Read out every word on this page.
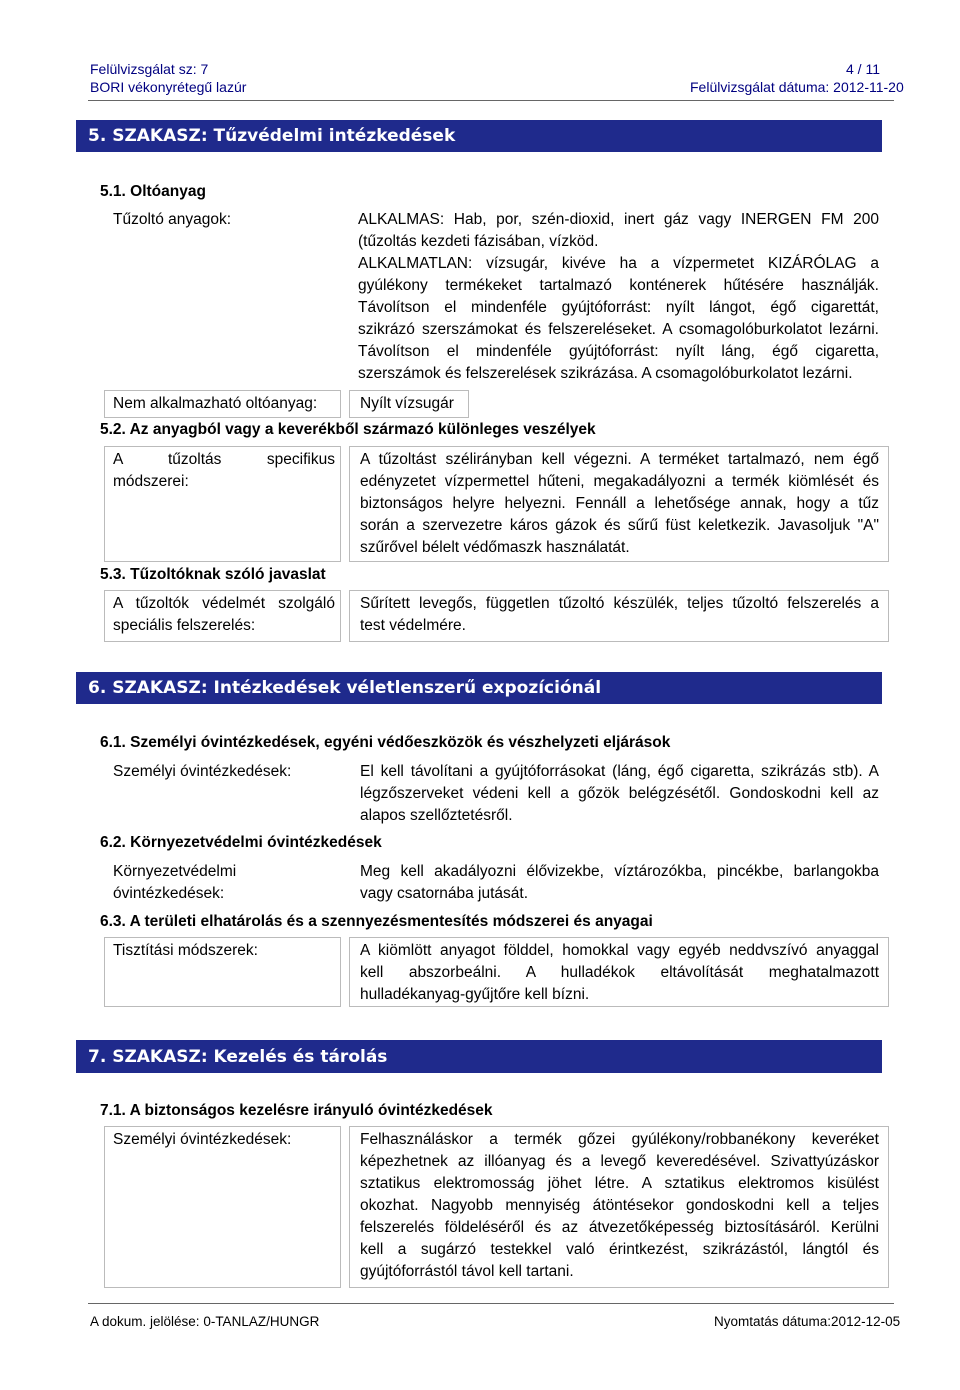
Felülvizsgálat sz: 7	4 / 11
BORI vékonyrétegű lazúr	Felülvizsgálat dátuma: 2012-11-20
5. SZAKASZ: Tűzvédelmi intézkedések
5.1. Oltóanyag
Tűzoltó anyagok:	ALKALMAS: Hab, por, szén-dioxid, inert gáz vagy INERGEN FM 200
(tűzoltás kezdeti fázisában, vízköd.
ALKALMATLAN: vízsugár, kivéve ha a vízpermetet KIZÁRÓLAG a
gyúlékony termékeket tartalmazó konténerek hűtésére használják.
Távolítson el mindenféle gyújtóforrást: nyílt lángot, égő cigarettát,
szikrázó szerszámokat és felszereléseket. A csomagolóburkolatot lezárni.
Távolítson el mindenféle gyújtóforrást: nyílt láng, égő cigaretta,
szerszámok és felszerelések szikrázása. A csomagolóburkolatot lezárni.
Nem alkalmazható oltóanyag:	Nyílt vízsugár
5.2. Az anyagból vagy a keverékből származó különleges veszélyek
A tűzoltás specifikus
módszerei:
A tűzoltást szélirányban kell végezni. A terméket tartalmazó, nem égő
edényzetet vízpermettel hűteni, megakadályozni a termék kiömlését és
biztonságos helyre helyezni. Fennáll a lehetősége annak, hogy a tűz
során a szervezetre káros gázok és sűrű füst keletkezik. Javasoljuk "A"
szűrővel bélelt védőmaszk használatát.
5.3. Tűzoltóknak szóló javaslat
A tűzoltók védelmét szolgáló
speciális felszerelés:
Sűrített levegős, független tűzoltó készülék, teljes tűzoltó felszerelés a
test védelmére.
6. SZAKASZ: Intézkedések véletlenszerű expozíciónál
6.1. Személyi óvintézkedések, egyéni védőeszközök és vészhelyzeti eljárások
Személyi óvintézkedések:	El kell távolítani a gyújtóforrásokat (láng, égő cigaretta, szikrázás stb). A
légzőszerveket védeni kell a gőzök belégzésétől. Gondoskodni kell az
alapos szellőztetésről.
6.2. Környezetvédelmi óvintézkedések
Környezetvédelmi
óvintézkedések:
Meg kell akadályozni élővizekbe, víztározókba, pincékbe, barlangokba
vagy csatornába jutását.
6.3. A területi elhatárolás és a szennyezésmentesítés módszerei és anyagai
Tisztítási módszerek:	A kiömlött anyagot földdel, homokkal vagy egyéb neddvszívó anyaggal
kell abszorbeálni. A hulladékok eltávolítását meghatalmazott
hulladékanyag-gyűjtőre kell bízni.
7. SZAKASZ: Kezelés és tárolás
7.1. A biztonságos kezelésre irányuló óvintézkedések
Személyi óvintézkedések:	Felhasználáskor a termék gőzei gyúlékony/robbanékony keveréket
képezhetnek az illóanyag és a levegő keveredésével. Szivattyúzáskor
sztatikus elektromosság jöhet létre. A sztatikus elektromos kisülést
okozhat. Nagyobb mennyiség átöntésekor gondoskodni kell a teljes
felszerelés földeléséről és az átvezetőképesség biztosításáról. Kerülni
kell a sugárzó testekkel való érintkezést, szikrázástól, lángtól és
gyújtóforrástól távol kell tartani.
A dokum. jelölése: 0-TANLAZ/HUNGR	Nyomtatás dátuma:2012-12-05
